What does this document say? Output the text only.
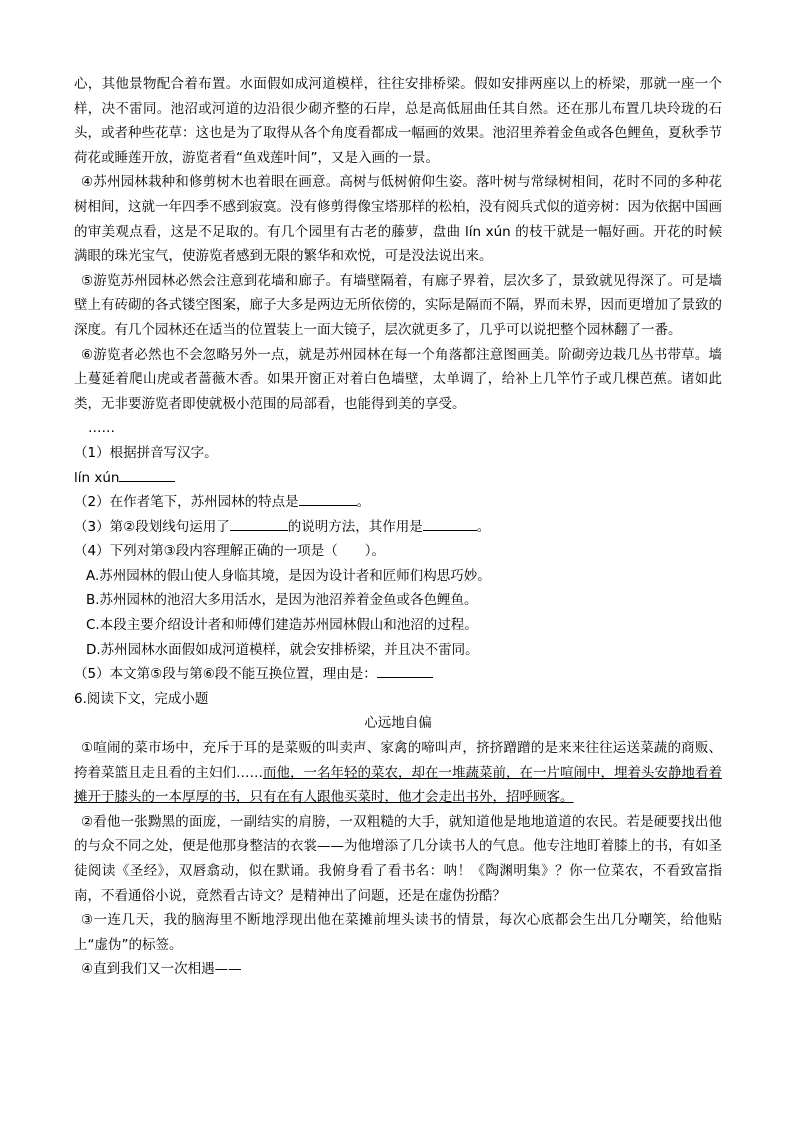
心，其他景物配合着布置。水面假如成河道模样，往往安排桥梁。假如安排两座以上的桥梁，那就一座一个样，决不雷同。池沼或河道的边沿很少砌齐整的石岸，总是高低屈曲任其自然。还在那儿布置几块玲珑的石头，或者种些花草：这也是为了取得从各个角度看都成一幅画的效果。池沼里养着金鱼或各色鲤鱼，夏秋季节荷花或睡莲开放，游览者看“鱼戏莲叶间”，又是入画的一景。

④苏州园林栽种和修剪树木也着眼在画意。高树与低树俯仰生姿。落叶树与常绿树相间，花时不同的多种花树相间，这就一年四季不感到寂寞。没有修剪得像宝塔那样的松柏，没有阅兵式似的道旁树：因为依据中国画的审美观点看，这是不足取的。有几个园里有古老的藤萝，盘曲 lín xún 的枝干就是一幅好画。开花的时候满眼的珠光宝气，使游览者感到无限的繁华和欢悦，可是没法说出来。

⑤游览苏州园林必然会注意到花墙和廊子。有墙壁隔着，有廊子界着，层次多了，景致就见得深了。可是墙壁上有砖砌的各式镂空图案，廊子大多是两边无所依傍的，实际是隔而不隔，界而未界，因而更增加了景致的深度。有几个园林还在适当的位置装上一面大镜子，层次就更多了，几乎可以说把整个园林翻了一番。

⑥游览者必然也不会忽略另外一点，就是苏州园林在每一个角落都注意图画美。阶砌旁边栽几丛书带草。墙上蔓延着爬山虎或者蔷薇木香。如果开窗正对着白色墙壁，太单调了，给补上几竿竹子或几棵芭蕉。诸如此类，无非要游览者即使就极小范围的局部看，也能得到美的享受。

……

（1）根据拼音写汉字。

lín xún

（2）在作者笔下，苏州园林的特点是	。

（3）第②段划线句运用了	的说明方法，其作用是	。

（4）下列对第③段内容理解正确的一项是（　　）。

A.苏州园林的假山使人身临其境，是因为设计者和匠师们构思巧妙。

B.苏州园林的池沼大多用活水，是因为池沼养着金鱼或各色鲤鱼。

C.本段主要介绍设计者和师傅们建造苏州园林假山和池沼的过程。

D.苏州园林水面假如成河道模样，就会安排桥梁，并且决不雷同。

（5）本文第⑤段与第⑥段不能互换位置，理由是：

6.阅读下文，完成小题

心远地自偏

①喧闹的菜市场中，充斥于耳的是菜贩的叫卖声、家禽的啼叫声，挤挤蹭蹭的是来来往往运送菜蔬的商贩、挎着菜篮且走且看的主妇们……而他，一名年轻的菜农，却在一堆蔬菜前，在一片喧闹中，埋着头安静地看着摊开于膝头的一本厚厚的书，只有在有人跟他买菜时，他才会走出书外，招呼顾客。

②看他一张黝黑的面庞，一副结实的肩膀，一双粗糙的大手，就知道他是地地道道的农民。若是硬要找出他的与众不同之处，便是他那身整洁的衣裳——为他增添了几分读书人的气息。他专注地盯着膝上的书，有如圣徒阅读《圣经》，双唇翕动，似在默诵。我俯身看了看书名：呐！《陶渊明集》？你一位菜农，不看致富指南，不看通俗小说，竟然看古诗文？是精神出了问题，还是在虚伪扮酷？

③一连几天，我的脑海里不断地浮现出他在菜摊前埋头读书的情景，每次心底都会生出几分嘲笑，给他贴上“虚伪”的标签。

④直到我们又一次相遇——
